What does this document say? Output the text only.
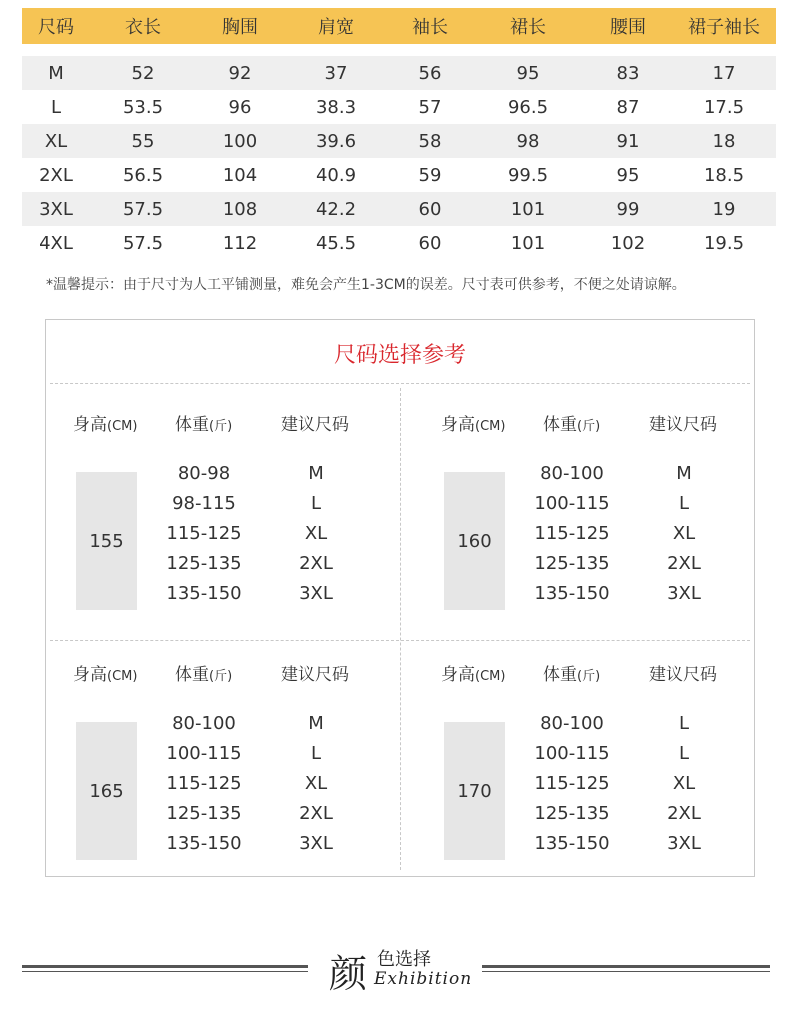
尺码	衣长	胸围	肩宽	袖长	裙长	腰围	裙子袖长
M	52	92	37	56	95	83	17
L	53.5	96	38.3	57	96.5	87	17.5
XL	55	100	39.6	58	98	91	18
2XL	56.5	104	40.9	59	99.5	95	18.5
3XL	57.5	108	42.2	60	101	99	19
4XL	57.5	112	45.5	60	101	102	19.5
*温馨提示：由于尺寸为人工平铺测量，难免会产生1-3CM的误差。尺寸表可供参考，不便之处请谅解。
尺码选择参考
身高(CM) 体重(斤)	建议尺码
155
80-98	M
98-115	L
115-125	XL
125-135	2XL
135-150	3XL
身高(CM) 体重(斤)	建议尺码
160
80-100	M
100-115	L
115-125	XL
125-135	2XL
135-150	3XL
身高(CM) 体重(斤)	建议尺码
165
80-100	M
100-115	L
115-125	XL
125-135	2XL
135-150	3XL
身高(CM) 体重(斤)	建议尺码
170
80-100	L
100-115	L
115-125	XL
125-135	2XL
135-150	3XL
颜 色选择
Exhibition
